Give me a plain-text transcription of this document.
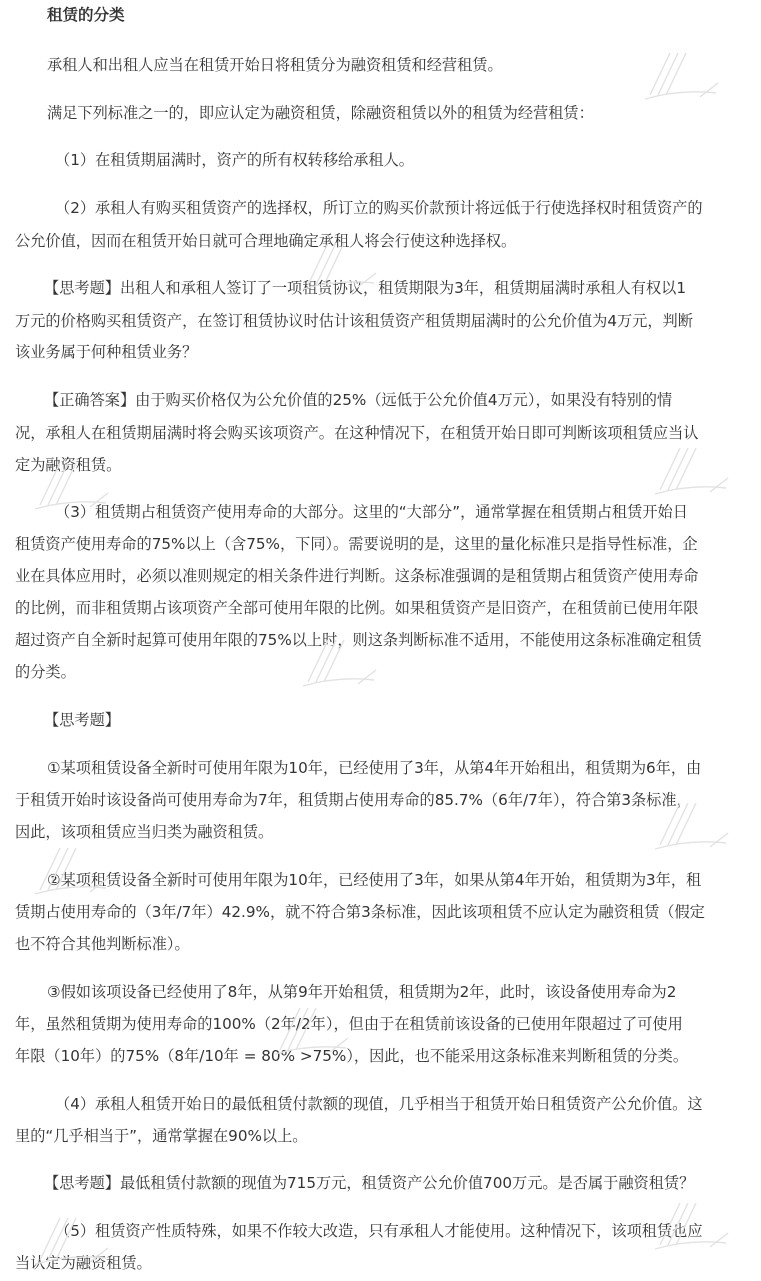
租赁的分类
承租人和出租人应当在租赁开始日将租赁分为融资租赁和经营租赁。
满足下列标准之一的，即应认定为融资租赁，除融资租赁以外的租赁为经营租赁：
（1）在租赁期届满时，资产的所有权转移给承租人。
（2）承租人有购买租赁资产的选择权，所订立的购买价款预计将远低于行使选择权时租赁资产的
公允价值，因而在租赁开始日就可合理地确定承租人将会行使这种选择权。
【思考题】出租人和承租人签订了一项租赁协议，租赁期限为3年，租赁期届满时承租人有权以1
万元的价格购买租赁资产，在签订租赁协议时估计该租赁资产租赁期届满时的公允价值为4万元，判断
该业务属于何种租赁业务？
【正确答案】由于购买价格仅为公允价值的25%（远低于公允价值4万元），如果没有特别的情
况，承租人在租赁期届满时将会购买该项资产。在这种情况下，在租赁开始日即可判断该项租赁应当认
定为融资租赁。
（3）租赁期占租赁资产使用寿命的大部分。这里的“大部分”，通常掌握在租赁期占租赁开始日
租赁资产使用寿命的75%以上（含75%，下同）。需要说明的是，这里的量化标准只是指导性标准，企
业在具体应用时，必须以准则规定的相关条件进行判断。这条标准强调的是租赁期占租赁资产使用寿命
的比例，而非租赁期占该项资产全部可使用年限的比例。如果租赁资产是旧资产，在租赁前已使用年限
超过资产自全新时起算可使用年限的75%以上时，则这条判断标准不适用，不能使用这条标准确定租赁
的分类。
【思考题】
①某项租赁设备全新时可使用年限为10年，已经使用了3年，从第4年开始租出，租赁期为6年，由
于租赁开始时该设备尚可使用寿命为7年，租赁期占使用寿命的85.7%（6年/7年），符合第3条标准，
因此，该项租赁应当归类为融资租赁。
②某项租赁设备全新时可使用年限为10年，已经使用了3年，如果从第4年开始，租赁期为3年，租
赁期占使用寿命的（3年/7年）42.9%，就不符合第3条标准，因此该项租赁不应认定为融资租赁（假定
也不符合其他判断标准）。
③假如该项设备已经使用了8年，从第9年开始租赁，租赁期为2年，此时，该设备使用寿命为2
年，虽然租赁期为使用寿命的100%（2年/2年），但由于在租赁前该设备的已使用年限超过了可使用
年限（10年）的75%（8年/10年 = 80% >75%），因此，也不能采用这条标准来判断租赁的分类。
（4）承租人租赁开始日的最低租赁付款额的现值，几乎相当于租赁开始日租赁资产公允价值。这
里的“几乎相当于”，通常掌握在90%以上。
【思考题】最低租赁付款额的现值为715万元，租赁资产公允价值700万元。是否属于融资租赁？
（5）租赁资产性质特殊，如果不作较大改造，只有承租人才能使用。这种情况下，该项租赁也应
当认定为融资租赁。
